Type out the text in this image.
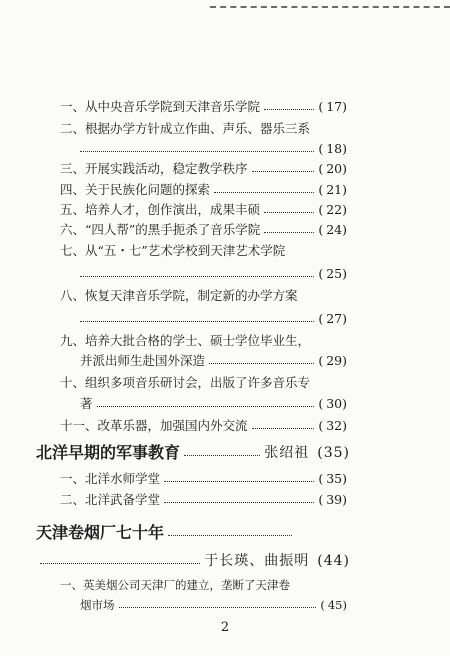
一、从中央音乐学院到天津音乐学院	(17)
二、根据办学方针成立作曲、声乐、器乐三系
(18)
三、开展实践活动，稳定教学秩序	(20)
四、关于民族化问题的探索	(21)
五、培养人才，创作演出，成果丰硕	(22)
六、“四人帮”的黑手扼杀了音乐学院	(24)
七、从“五・七”艺术学校到天津艺术学院
(25)
八、恢复天津音乐学院，制定新的办学方案
(27)
九、培养大批合格的学士、硕士学位毕业生，
并派出师生赴国外深造	(29)
十、组织多项音乐研讨会，出版了许多音乐专
著	(30)
十一、改革乐器，加强国内外交流	(32)
北洋早期的军事教育	张绍祖 (35)
一、北洋水师学堂	(35)
二、北洋武备学堂	(39)
天津卷烟厂七十年
于长瑛、曲振明 (44)
一、英美烟公司天津厂的建立，垄断了天津卷
烟市场	(45)
2
